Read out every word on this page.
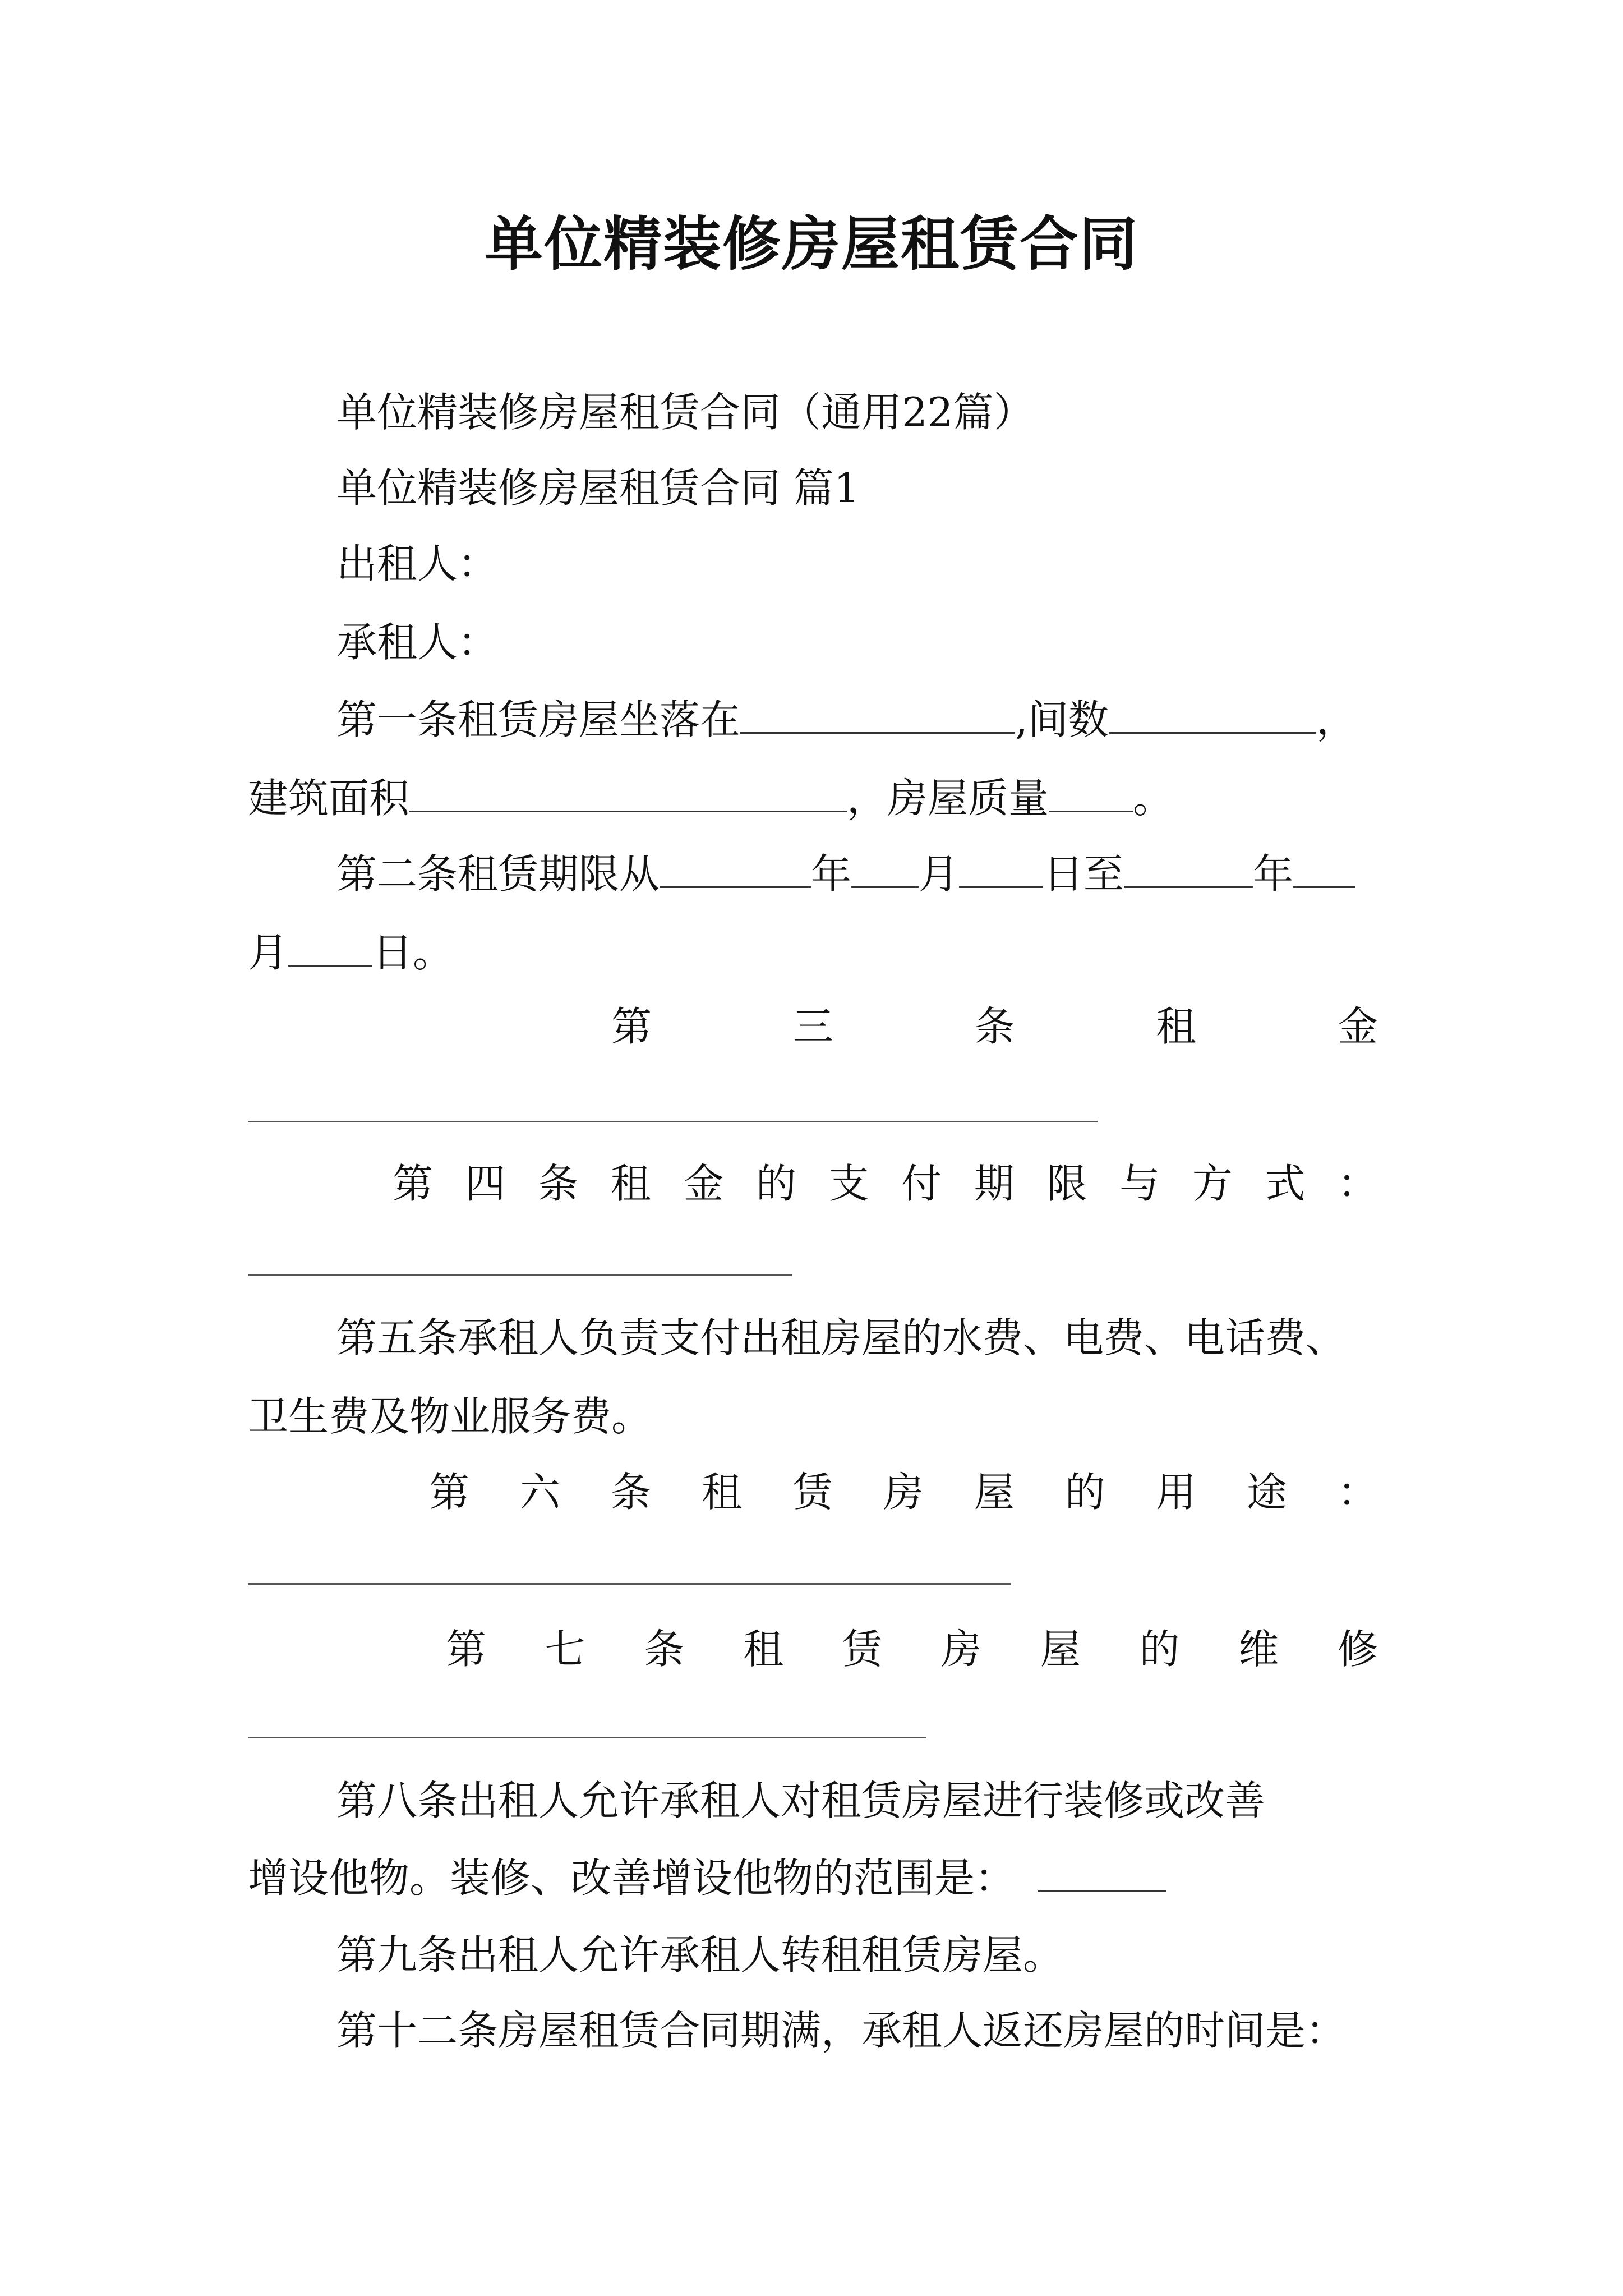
单位精装修房屋租赁合同
单位精装修房屋租赁合同（通用22篇）
单位精装修房屋租赁合同 篇1
出租人：
承租人：
第一条租赁房屋坐落在	,间数	，
建筑面积	，房屋质量 。
第二条租赁期限从	年 月 日至	年
月 日。
第	三	条	租	金
第 四 条 租 金 的 支 付 期 限 与 方 式 ：
第五条承租人负责支付出租房屋的水费、电费、电话费、
卫生费及物业服务费。
第 六 条 租 赁 房 屋 的 用 途 ：
第 七 条 租 赁 房 屋 的 维 修
第八条出租人允许承租人对租赁房屋进行装修或改善
增设他物。装修、改善增设他物的范围是：
第九条出租人允许承租人转租租赁房屋。
第十二条房屋租赁合同期满，承租人返还房屋的时间是：
